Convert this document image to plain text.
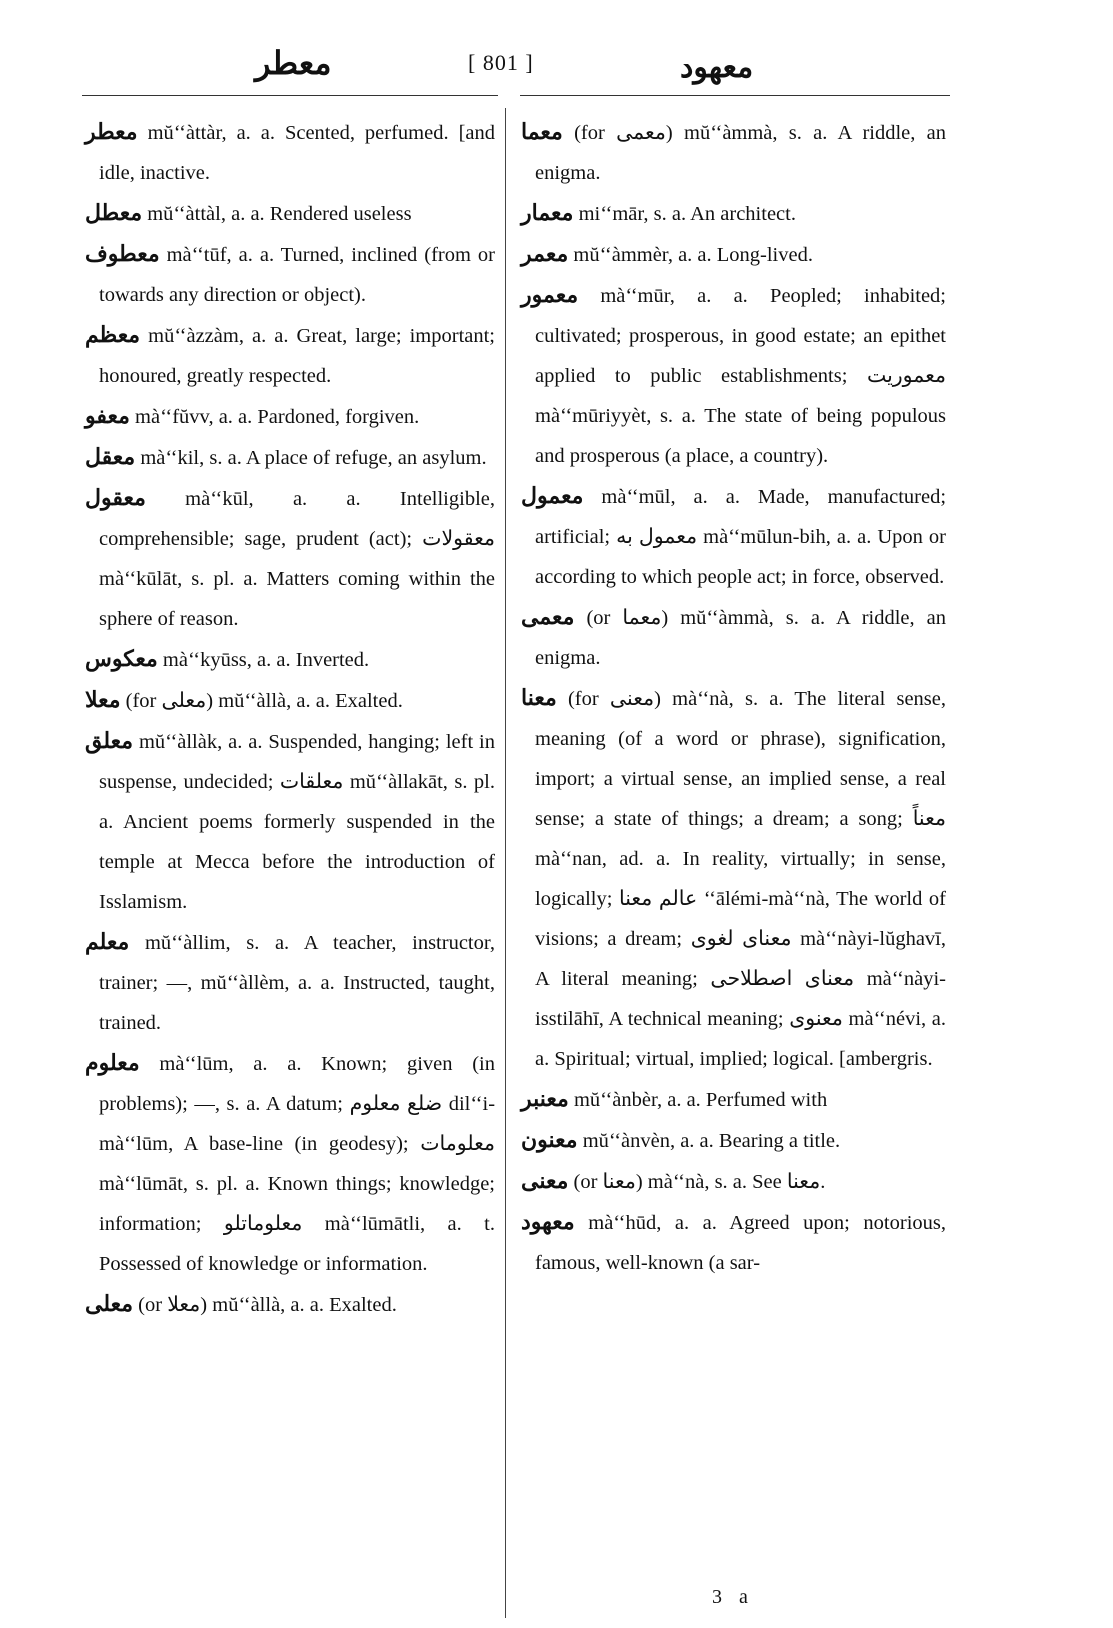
معطر	[ 801 ]	معهود
معطر mŭ‘‘àttàr, a. a. Scented, perfumed. [and idle, inactive.
معطل mŭ‘‘àttàl, a. a. Rendered useless
معطوف mà‘‘tūf, a. a. Turned, inclined (from or towards any direction or object).
معظم mŭ‘‘àzzàm, a. a. Great, large; important; honoured, greatly respected.
معفو mà‘‘fŭvv, a. a. Pardoned, forgiven.
معقل mà‘‘kil, s. a. A place of refuge, an asylum.
معقول mà‘‘kūl, a. a. Intelligible, comprehensible; sage, prudent (act); معقولات mà‘‘kūlāt, s. pl. a. Matters coming within the sphere of reason.
معكوس mà‘‘kyūss, a. a. Inverted.
معلا (for معلی) mŭ‘‘àllà, a. a. Exalted.
معلق mŭ‘‘àllàk, a. a. Suspended, hanging; left in suspense, undecided; معلقات mŭ‘‘àllakāt, s. pl. a. Ancient poems formerly suspended in the temple at Mecca before the introduction of Isslamism.
معلم mŭ‘‘àllim, s. a. A teacher, instructor, trainer; —, mŭ‘‘àllèm, a. a. Instructed, taught, trained.
معلوم mà‘‘lūm, a. a. Known; given (in problems); —, s. a. A datum; ضلع معلوم dil‘‘i-mà‘‘lūm, A base-line (in geodesy); معلومات mà‘‘lūmāt, s. pl. a. Known things; knowledge; information; معلوماتلو mà‘‘lūmātli, a. t. Possessed of knowledge or information.
معلی (or معلا) mŭ‘‘àllà, a. a. Exalted.
معما (for معمی) mŭ‘‘àmmà, s. a. A riddle, an enigma.
معمار mi‘‘mār, s. a. An architect.
معمر mŭ‘‘àmmèr, a. a. Long-lived.
معمور mà‘‘mūr, a. a. Peopled; inhabited; cultivated; prosperous, in good estate; an epithet applied to public establishments; معموریت mà‘‘mūriyyèt, s. a. The state of being populous and prosperous (a place, a country).
معمول mà‘‘mūl, a. a. Made, manufactured; artificial; معمول به mà‘‘mūlun-bih, a. a. Upon or according to which people act; in force, observed.
معمی (or معما) mŭ‘‘àmmà, s. a. A riddle, an enigma.
معنا (for معنی) mà‘‘nà, s. a. The literal sense, meaning (of a word or phrase), signification, import; a virtual sense, an implied sense, a real sense; a state of things; a dream; a song; معناً mà‘‘nan, ad. a. In reality, virtually; in sense, logically; عالم معنا ‘‘ālémi-mà‘‘nà, The world of visions; a dream; معنای لغوی mà‘‘nàyi-lŭghavī, A literal meaning; معنای اصطلاحی mà‘‘nàyi-isstilāhī, A technical meaning; معنوی mà‘‘névi, a. a. Spiritual; virtual, implied; logical. [ambergris.
معنبر mŭ‘‘ànbèr, a. a. Perfumed with
معنون mŭ‘‘ànvèn, a. a. Bearing a title.
معنی (or معنا) mà‘‘nà, s. a. See معنا.
معهود mà‘‘hūd, a. a. Agreed upon; notorious, famous, well-known (a sar-
3 a
